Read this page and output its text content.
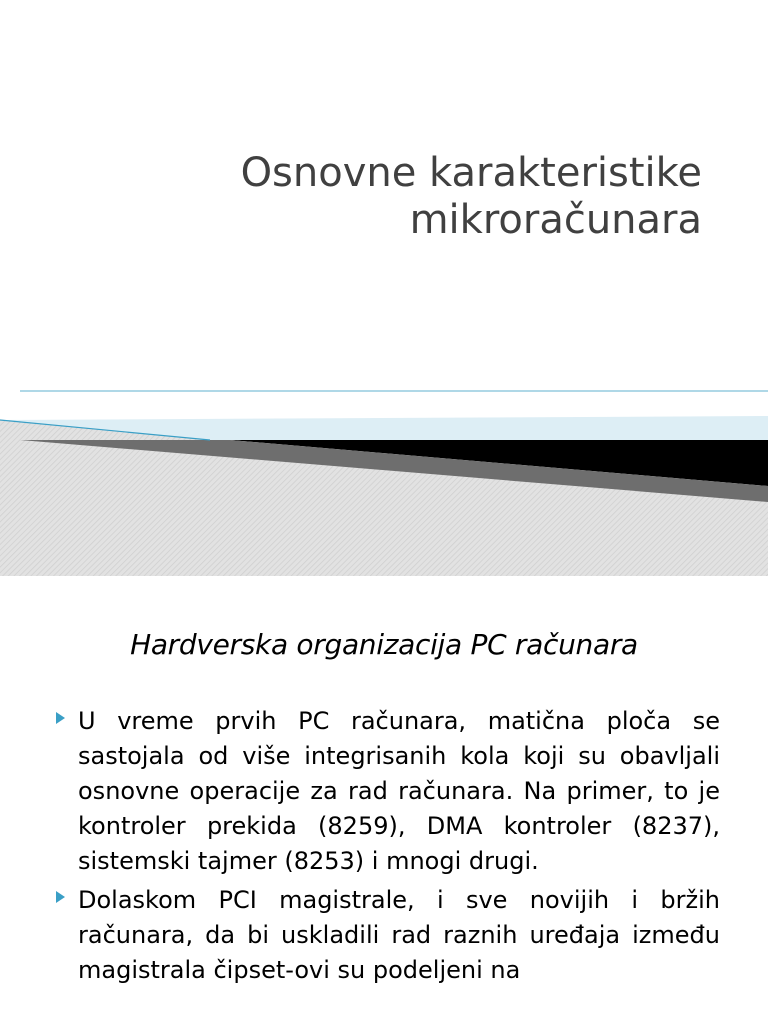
Osnovne karakteristike
mikroračunara
Hardverska organizacija PC računara
U vreme prvih PC računara, matična ploča se sastojala od više integrisanih kola koji su obavljali osnovne operacije za rad računara. Na primer, to je kontroler prekida (8259), DMA kontroler (8237), sistemski tajmer (8253) i mnogi drugi.
Dolaskom PCI magistrale, i sve novijih i bržih računara, da bi uskladili rad raznih uređaja između magistrala čipset-ovi su podeljeni na
